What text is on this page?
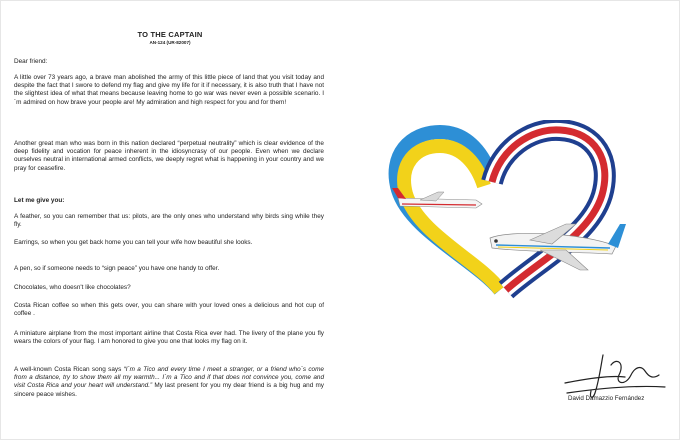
TO THE CAPTAIN
AN-124 (UR-82007)

Dear friend:

A little over 73 years ago, a brave man abolished the army of this little piece of land that you visit today and despite the fact that I swore to defend my flag and give my life for it if necessary, it is also truth that I have not the slightest idea of what that means because leaving home to go war was never even a possible scenario. I´m admired on how brave your people are! My admiration and high respect for you and for them!

Another great man who was born in this nation declared “perpetual neutrality” which is clear evidence of the deep fidelity and vocation for peace inherent in the idiosyncrasy of our people. Even when we declare ourselves neutral in international armed conflicts, we deeply regret what is happening in your country and we pray for ceasefire.

Let me give you:

A feather, so you can remember that us: pilots, are the only ones who understand why birds sing while they fly.

Earrings, so when you get back home you can tell your wife how beautiful she looks.

A pen, so if someone needs to “sign peace” you have one handy to offer.

Chocolates, who doesn't like chocolates?

Costa Rican coffee so when this gets over, you can share with your loved ones a delicious and hot cup of coffee .

A miniature airplane from the most important airline that Costa Rica ever had. The livery of the plane you fly wears the colors of your flag. I am honored to give you one that looks my flag on it.

A well-known Costa Rican song says “I´m a Tico and every time I meet a stranger, or a friend who´s come from a distance, try to show them all my warmth... I´m a Tico and if that does not convince you, come and visit Costa Rica and your heart will understand.” My last present for you my dear friend is a big hug and my sincere peace wishes.

David Damazzio Fernández
